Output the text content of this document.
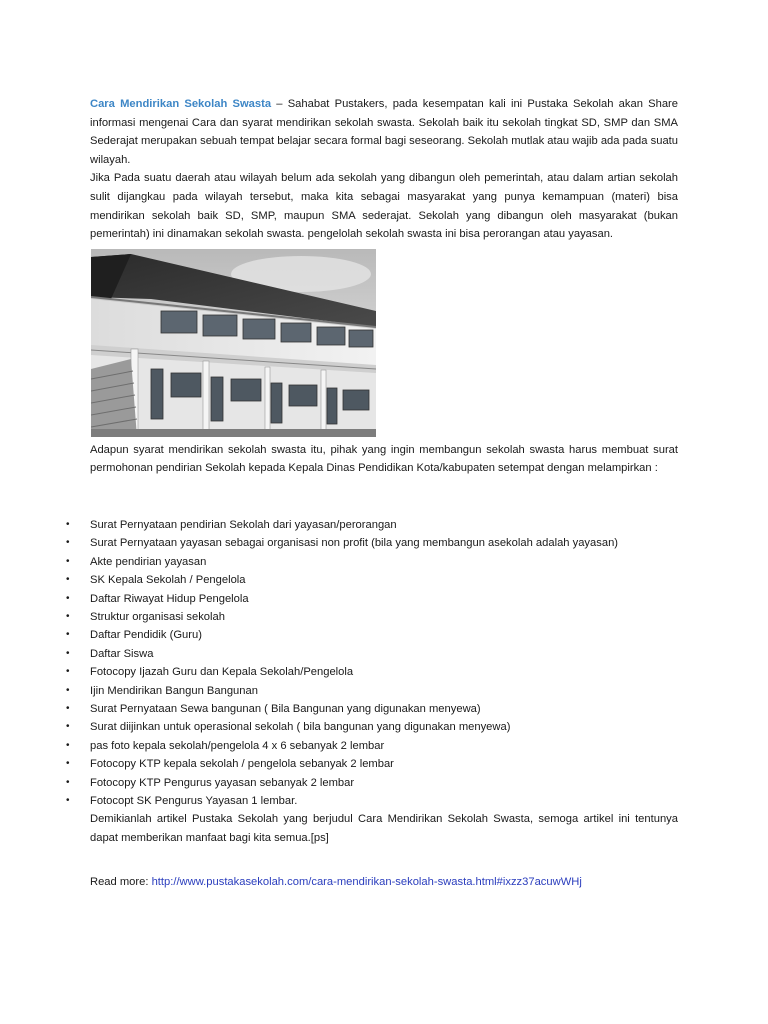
Cara Mendirikan Sekolah Swasta – Sahabat Pustakers, pada kesempatan kali ini Pustaka Sekolah akan Share informasi mengenai Cara dan syarat mendirikan sekolah swasta. Sekolah baik itu sekolah tingkat SD, SMP dan SMA Sederajat merupakan sebuah tempat belajar secara formal bagi seseorang. Sekolah mutlak atau wajib ada pada suatu wilayah.

Jika Pada suatu daerah atau wilayah belum ada sekolah yang dibangun oleh pemerintah, atau dalam artian sekolah sulit dijangkau pada wilayah tersebut, maka kita sebagai masyarakat yang punya kemampuan (materi) bisa mendirikan sekolah baik SD, SMP, maupun SMA sederajat. Sekolah yang dibangun oleh masyarakat (bukan pemerintah) ini dinamakan sekolah swasta. pengelolah sekolah swasta ini bisa perorangan atau yayasan.

Adapun syarat mendirikan sekolah swasta itu, pihak yang ingin membangun sekolah swasta harus membuat surat permohonan pendirian Sekolah kepada Kepala Dinas Pendidikan Kota/kabupaten setempat dengan melampirkan :

• Surat Pernyataan pendirian Sekolah dari yayasan/perorangan
• Surat Pernyataan yayasan sebagai organisasi non profit (bila yang membangun asekolah adalah yayasan)
• Akte pendirian yayasan
• SK Kepala Sekolah / Pengelola
• Daftar Riwayat Hidup Pengelola
• Struktur organisasi sekolah
• Daftar Pendidik (Guru)
• Daftar Siswa
• Fotocopy Ijazah Guru dan Kepala Sekolah/Pengelola
• Ijin Mendirikan Bangun Bangunan
• Surat Pernyataan Sewa bangunan ( Bila Bangunan yang digunakan menyewa)
• Surat diijinkan untuk operasional sekolah ( bila bangunan yang digunakan menyewa)
• pas foto kepala sekolah/pengelola 4 x 6 sebanyak 2 lembar
• Fotocopy KTP kepala sekolah / pengelola sebanyak 2 lembar
• Fotocopy KTP Pengurus yayasan sebanyak 2 lembar
• Fotocopt SK Pengurus Yayasan 1 lembar.

Demikianlah artikel Pustaka Sekolah yang berjudul Cara Mendirikan Sekolah Swasta, semoga artikel ini tentunya dapat memberikan manfaat bagi kita semua.[ps]

Read more: http://www.pustakasekolah.com/cara-mendirikan-sekolah-swasta.html#ixzz37acuwWHj
